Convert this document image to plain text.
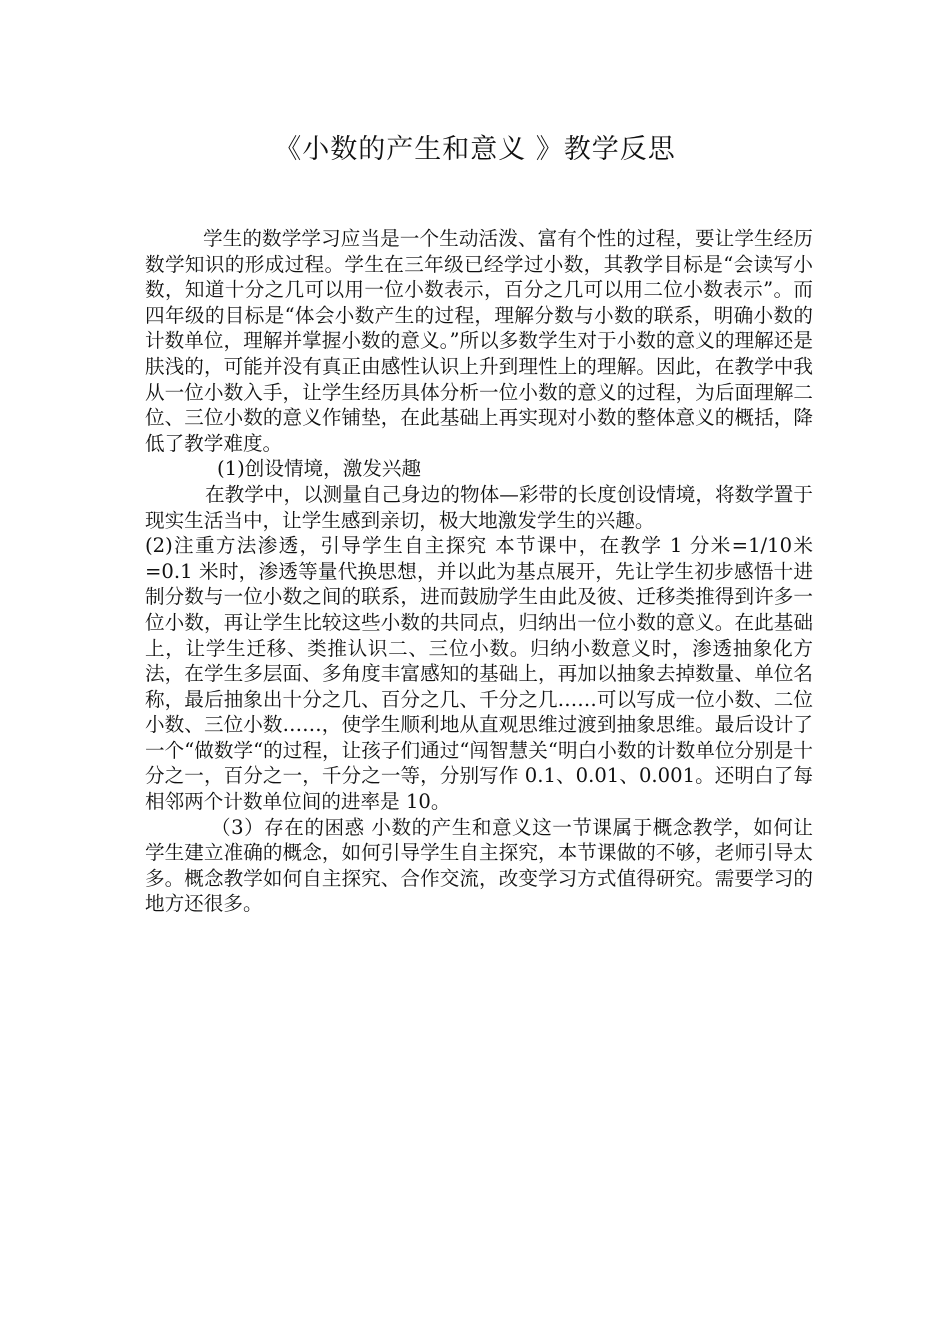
《小数的产生和意义 》教学反思

学生的数学学习应当是一个生动活泼、富有个性的过程，要让学生经历数学知识的形成过程。学生在三年级已经学过小数，其教学目标是“会读写小数，知道十分之几可以用一位小数表示，百分之几可以用二位小数表示”。而四年级的目标是“体会小数产生的过程，理解分数与小数的联系，明确小数的计数单位，理解并掌握小数的意义。”所以多数学生对于小数的意义的理解还是肤浅的，可能并没有真正由感性认识上升到理性上的理解。因此，在教学中我从一位小数入手，让学生经历具体分析一位小数的意义的过程，为后面理解二位、三位小数的意义作铺垫，在此基础上再实现对小数的整体意义的概括，降低了教学难度。

(1)创设情境，激发兴趣

在教学中，以测量自己身边的物体—彩带的长度创设情境，将数学置于现实生活当中，让学生感到亲切，极大地激发学生的兴趣。

(2)注重方法渗透，引导学生自主探究 本节课中，在教学 1 分米=1/10米=0.1 米时，渗透等量代换思想，并以此为基点展开，先让学生初步感悟十进制分数与一位小数之间的联系，进而鼓励学生由此及彼、迁移类推得到许多一位小数，再让学生比较这些小数的共同点，归纳出一位小数的意义。在此基础上，让学生迁移、类推认识二、三位小数。归纳小数意义时，渗透抽象化方法，在学生多层面、多角度丰富感知的基础上，再加以抽象去掉数量、单位名称，最后抽象出十分之几、百分之几、千分之几……可以写成一位小数、二位小数、三位小数……，使学生顺利地从直观思维过渡到抽象思维。最后设计了一个“做数学“的过程，让孩子们通过“闯智慧关“明白小数的计数单位分别是十分之一，百分之一，千分之一等，分别写作 0.1、0.01、0.001。还明白了每相邻两个计数单位间的进率是 10。

（3）存在的困惑 小数的产生和意义这一节课属于概念教学，如何让学生建立准确的概念，如何引导学生自主探究，本节课做的不够，老师引导太多。概念教学如何自主探究、合作交流，改变学习方式值得研究。需要学习的地方还很多。
